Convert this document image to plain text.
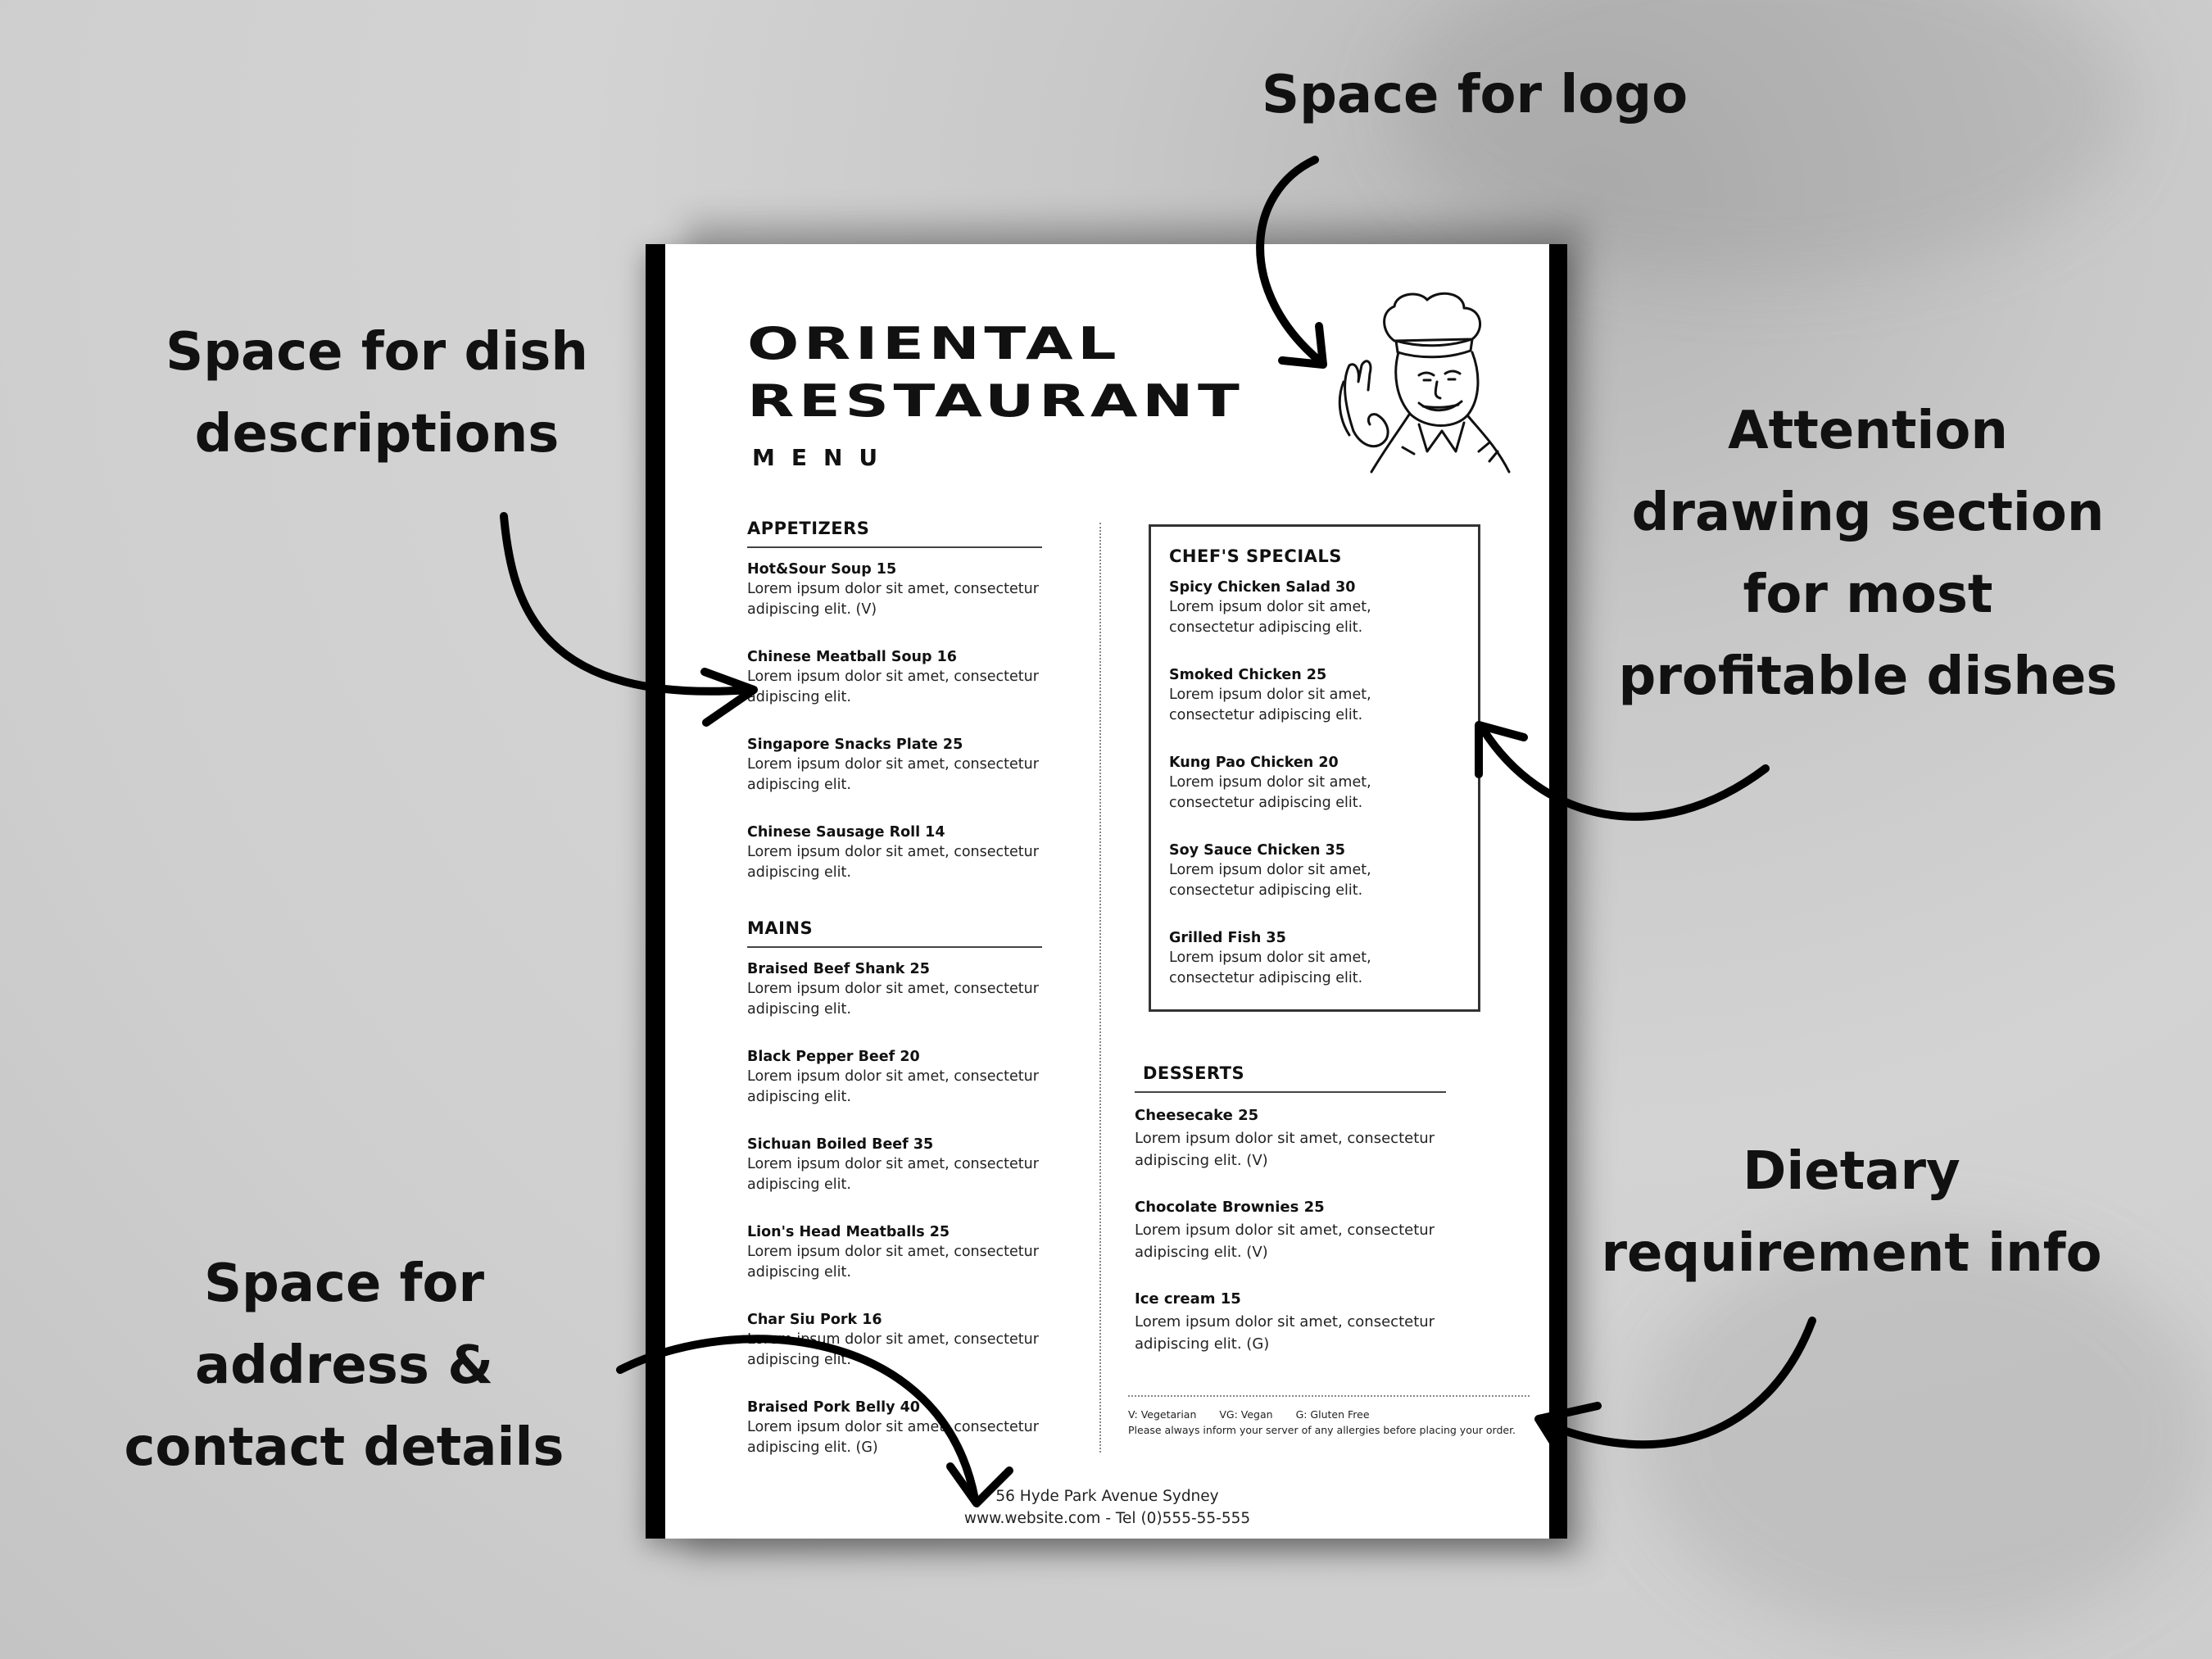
Space for logo
Space for dish
descriptions	Attention
drawing section
for most
profitable dishes
Dietary
requirement info
Space for
address &
contact details
ORIENTAL
RESTAURANT
MENU
APPETIZERS
Hot&Sour Soup 15
Lorem ipsum dolor sit amet, consectetur adipiscing elit. (V)
Chinese Meatball Soup 16
Lorem ipsum dolor sit amet, consectetur adipiscing elit.
Singapore Snacks Plate 25
Lorem ipsum dolor sit amet, consectetur adipiscing elit.
Chinese Sausage Roll 14
Lorem ipsum dolor sit amet, consectetur adipiscing elit.
MAINS
Braised Beef Shank 25
Lorem ipsum dolor sit amet, consectetur adipiscing elit.
Black Pepper Beef 20
Lorem ipsum dolor sit amet, consectetur adipiscing elit.
Sichuan Boiled Beef 35
Lorem ipsum dolor sit amet, consectetur adipiscing elit.
Lion's Head Meatballs 25
Lorem ipsum dolor sit amet, consectetur adipiscing elit.
Char Siu Pork 16
Lorem ipsum dolor sit amet, consectetur adipiscing elit.
Braised Pork Belly 40
Lorem ipsum dolor sit amet, consectetur adipiscing elit. (G)
CHEF'S SPECIALS
Spicy Chicken Salad 30
Lorem ipsum dolor sit amet, consectetur adipiscing elit.
Smoked Chicken 25
Lorem ipsum dolor sit amet, consectetur adipiscing elit.
Kung Pao Chicken 20
Lorem ipsum dolor sit amet, consectetur adipiscing elit.
Soy Sauce Chicken 35
Lorem ipsum dolor sit amet, consectetur adipiscing elit.
Grilled Fish 35
Lorem ipsum dolor sit amet, consectetur adipiscing elit.
DESSERTS
Cheesecake 25
Lorem ipsum dolor sit amet, consectetur adipiscing elit. (V)
Chocolate Brownies 25
Lorem ipsum dolor sit amet, consectetur adipiscing elit. (V)
Ice cream 15
Lorem ipsum dolor sit amet, consectetur adipiscing elit. (G)
V: Vegetarian VG: Vegan G: Gluten Free
Please always inform your server of any allergies before placing your order.
56 Hyde Park Avenue Sydney
www.website.com - Tel (0)555-55-555
